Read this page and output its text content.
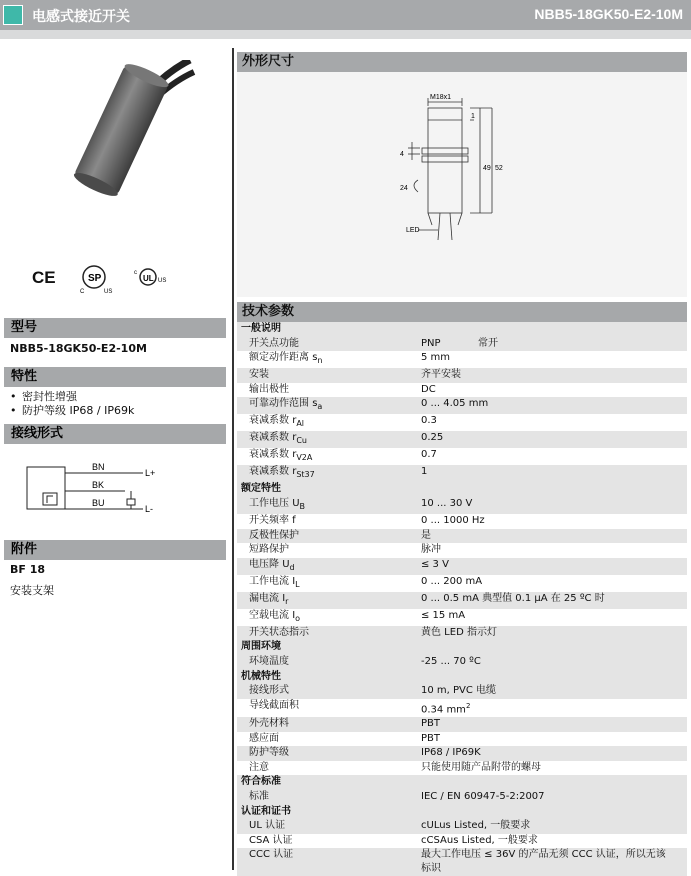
电感式接近开关	NBB5-18GK50-E2-10M
CE	SP
C	US
UL
c
US
型号
NBB5-18GK50-E2-10M
特性
• 密封性增强
• 防护等级 IP68 / IP69k
接线形式
BN
BK
BU
L+
L-
附件
BF 18
安装支架
外形尺寸
M18x1
1
4
24
49 52
LED
技术参数
一般说明	
开关点功能	PNP 常开
额定动作距离 $s_n$	5 mm
安装	齐平安装
输出极性	DC
可靠动作范围 $s_a$	0 ... 4.05 mm
衰减系数 $r_{Al}$	0.3
衰减系数 $r_{Cu}$	0.25
衰减系数 $r_{V2A}$	0.7
衰减系数 $r_{St37}$	1
额定特性	
工作电压 $U_B$	10 ... 30 V
开关频率 f	0 ... 1000 Hz
反极性保护	是
短路保护	脉冲
电压降 $U_d$	≤ 3 V
工作电流 $I_L$	0 ... 200 mA
漏电流 $I_r$	0 ... 0.5 mA 典型值 0.1 µA 在 25 ºC 时
空载电流 $I_o$	≤ 15 mA
开关状态指示	黄色 LED 指示灯
周围环境	
环境温度	-25 ... 70 ºC
机械特性	
接线形式	10 m, PVC 电缆
导线截面积	0.34 $mm^2$
外壳材料	PBT
感应面	PBT
防护等级	IP68 / IP69K
注意	只能使用随产品附带的螺母
符合标准	
标准	IEC / EN 60947-5-2:2007
认证和证书	
UL 认证	cULus Listed, 一般要求
CSA 认证	cCSAus Listed, 一般要求
CCC 认证	最大工作电压 ≤ 36V 的产品无须 CCC 认证，所以无该
标识
